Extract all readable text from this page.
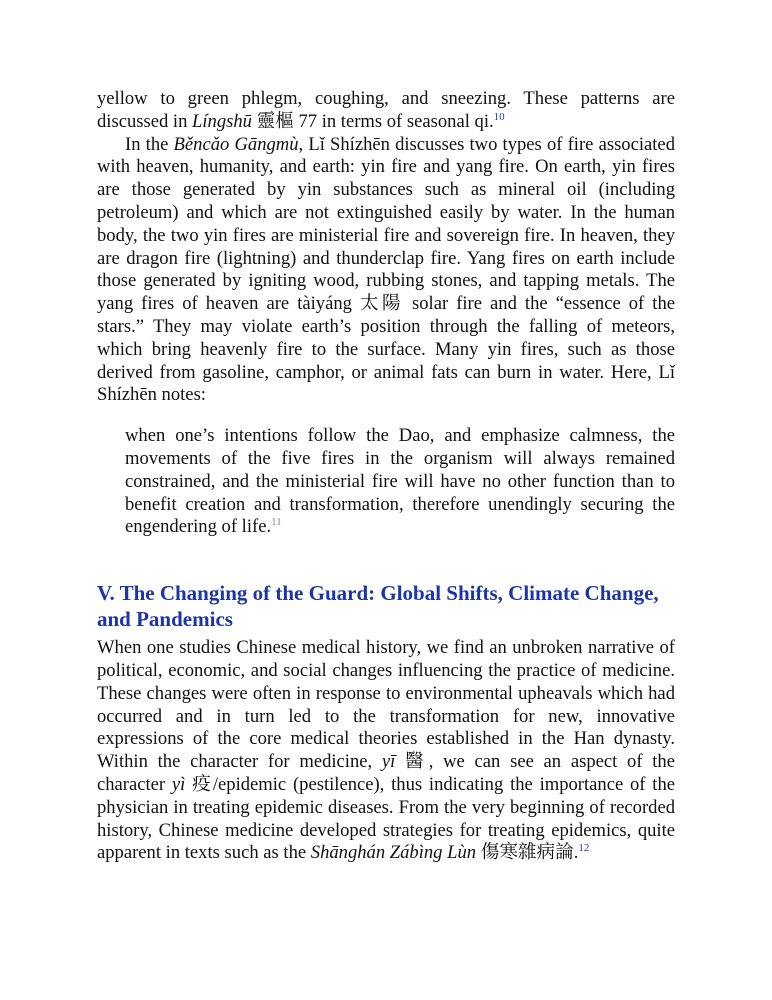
yellow to green phlegm, coughing, and sneezing. These patterns are discussed in Língshū 靈樞 77 in terms of seasonal qi.$^{10}$

In the Běncǎo Gāngmù, Lǐ Shízhēn discusses two types of fire associated with heaven, humanity, and earth: yin fire and yang fire. On earth, yin fires are those generated by yin substances such as mineral oil (including petroleum) and which are not extinguished easily by water. In the human body, the two yin fires are ministerial fire and sovereign fire. In heaven, they are dragon fire (lightning) and thunderclap fire. Yang fires on earth include those generated by igniting wood, rubbing stones, and tapping metals. The yang fires of heaven are tàiyáng 太陽 solar fire and the “essence of the stars.” They may violate earth’s position through the falling of meteors, which bring heavenly fire to the surface. Many yin fires, such as those derived from gasoline, camphor, or animal fats can burn in water. Here, Lǐ Shízhēn notes:

when one’s intentions follow the Dao, and emphasize calmness, the movements of the five fires in the organism will always remained constrained, and the ministerial fire will have no other function than to benefit creation and transformation, therefore unendingly securing the engendering of life.$^{11}$

V. The Changing of the Guard: Global Shifts, Climate Change, and Pandemics

When one studies Chinese medical history, we find an unbroken narrative of political, economic, and social changes influencing the practice of medicine. These changes were often in response to environmental upheavals which had occurred and in turn led to the transformation for new, innovative expressions of the core medical theories established in the Han dynasty. Within the character for medicine, yī 醫, we can see an aspect of the character yì 疫/epidemic (pestilence), thus indicating the importance of the physician in treating epidemic diseases. From the very beginning of recorded history, Chinese medicine developed strategies for treating epidemics, quite apparent in texts such as the Shānghán Zábìng Lùn 傷寒雜病論.$^{12}$
